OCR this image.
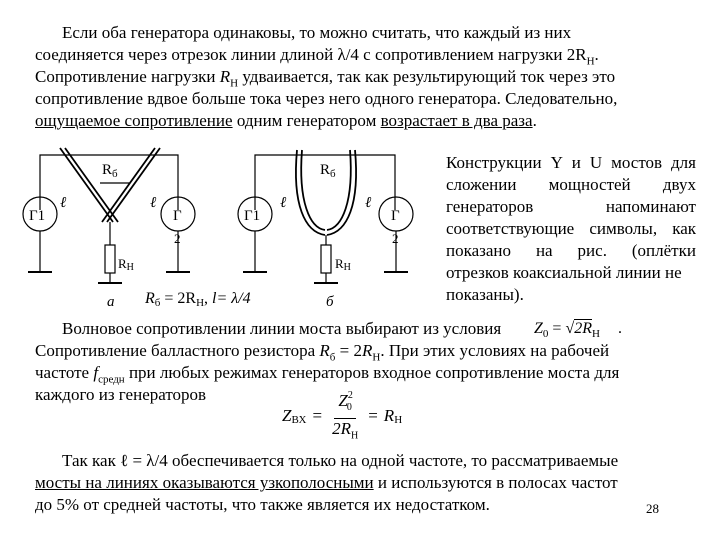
Если оба генератора одинаковы, то можно считать, что каждый из них
соединяется через отрезок линии длиной λ/4 с сопротивлением нагрузки $2R_Н$.
Сопротивление нагрузки $R_Н$ удваивается, так как результирующий ток через это
сопротивление вдвое больше тока через него одного генератора. Следовательно,
ощущаемое сопротивление одним генератором возрастает в два раза.
$R_б$
ℓ	ℓ
Г1	Г
2
RН
а
$R_б$
ℓ	ℓ
Г1	Г
2
RН
б
Rб = 2RН, l= λ/4
Конструкции Y и U мостов для
сложении мощностей двух
генераторов	напоминают
соответствующие символы, как
показано на рис. (оплётки
отрезков коаксиальной линии не
показаны).
Волновое сопротивлении линии моста выбирают из условия $Z_0 = √2R_Н$ .
Сопротивление балластного резистора $R_б = 2R_Н$. При этих условиях на рабочей
частоте $f_{средн}$ при любых режимах генераторов входное сопротивление моста для
каждого из генераторов
$Z_{ВХ}$ =
$Z^2_0$
$2R_Н$
= $R_Н$
Так как ℓ = λ/4 обеспечивается только на одной частоте, то рассматриваемые
мосты на линиях оказываются узкополосными и используются в полосах частот
до 5% от средней частоты, что также является их недостатком.	28
